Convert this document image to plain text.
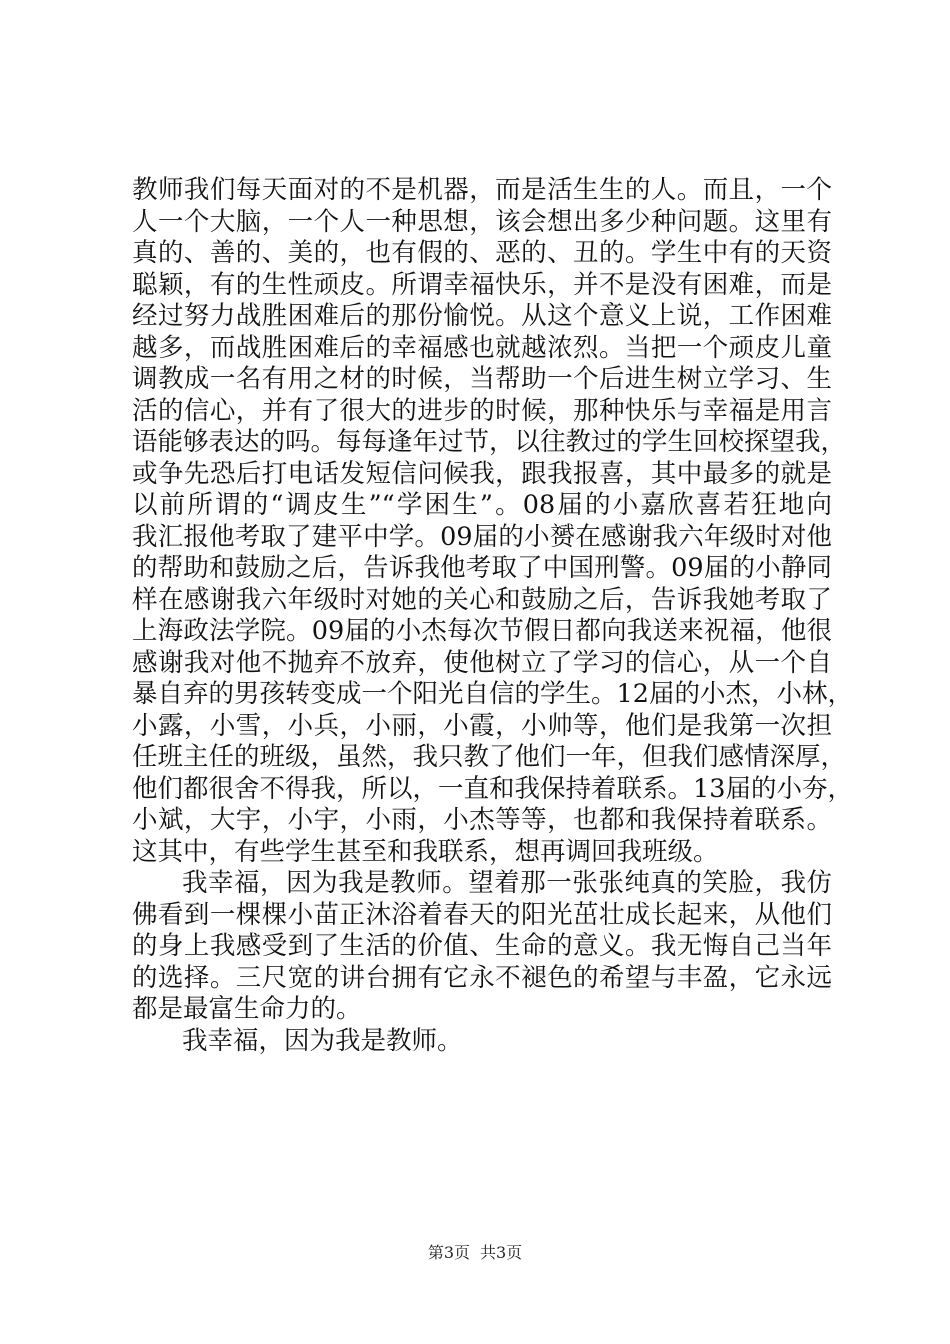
教师我们每天面对的不是机器，而是活生生的人。而且，一个
人一个大脑，一个人一种思想，该会想出多少种问题。这里有
真的、善的、美的，也有假的、恶的、丑的。学生中有的天资
聪颖，有的生性顽皮。所谓幸福快乐，并不是没有困难，而是
经过努力战胜困难后的那份愉悦。从这个意义上说，工作困难
越多，而战胜困难后的幸福感也就越浓烈。当把一个顽皮儿童
调教成一名有用之材的时候，当帮助一个后进生树立学习、生
活的信心，并有了很大的进步的时候，那种快乐与幸福是用言
语能够表达的吗。每每逢年过节，以往教过的学生回校探望我，
或争先恐后打电话发短信问候我，跟我报喜，其中最多的就是
以前所谓的“调皮生”“学困生”。08届的小嘉欣喜若狂地向
我汇报他考取了建平中学。09届的小赟在感谢我六年级时对他
的帮助和鼓励之后，告诉我他考取了中国刑警。09届的小静同
样在感谢我六年级时对她的关心和鼓励之后，告诉我她考取了
上海政法学院。09届的小杰每次节假日都向我送来祝福，他很
感谢我对他不抛弃不放弃，使他树立了学习的信心，从一个自
暴自弃的男孩转变成一个阳光自信的学生。12届的小杰，小林，
小露，小雪，小兵，小丽，小霞，小帅等，他们是我第一次担
任班主任的班级，虽然，我只教了他们一年，但我们感情深厚，
他们都很舍不得我，所以，一直和我保持着联系。13届的小夯，
小斌，大宇，小宇，小雨，小杰等等，也都和我保持着联系。
这其中，有些学生甚至和我联系，想再调回我班级。
我幸福，因为我是教师。望着那一张张纯真的笑脸，我仿
佛看到一棵棵小苗正沐浴着春天的阳光茁壮成长起来，从他们
的身上我感受到了生活的价值、生命的意义。我无悔自己当年
的选择。三尺宽的讲台拥有它永不褪色的希望与丰盈，它永远
都是最富生命力的。
我幸福，因为我是教师。
第3页 共3页
